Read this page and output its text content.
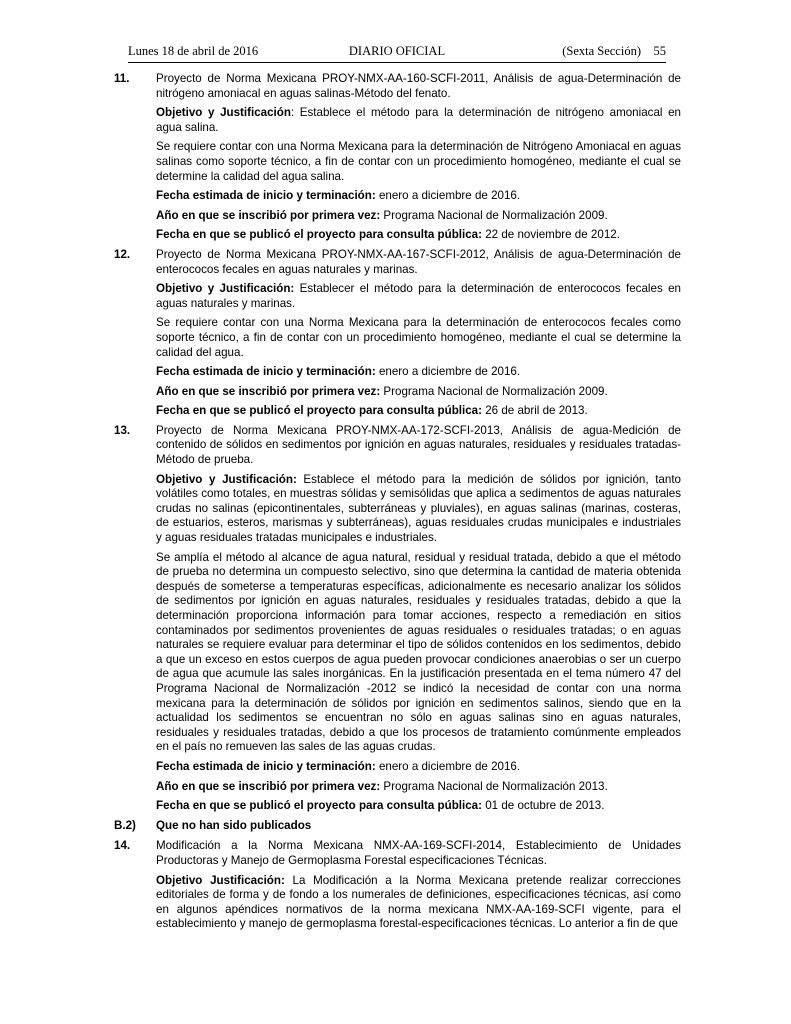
Lunes 18 de abril de 2016	DIARIO OFICIAL	(Sexta Sección) 55
11. Proyecto de Norma Mexicana PROY-NMX-AA-160-SCFI-2011, Análisis de agua-Determinación de nitrógeno amoniacal en aguas salinas-Método del fenato.

Objetivo y Justificación: Establece el método para la determinación de nitrógeno amoniacal en agua salina.

Se requiere contar con una Norma Mexicana para la determinación de Nitrógeno Amoniacal en aguas salinas como soporte técnico, a fin de contar con un procedimiento homogéneo, mediante el cual se determine la calidad del agua salina.

Fecha estimada de inicio y terminación: enero a diciembre de 2016.

Año en que se inscribió por primera vez: Programa Nacional de Normalización 2009.

Fecha en que se publicó el proyecto para consulta pública: 22 de noviembre de 2012.

12. Proyecto de Norma Mexicana PROY-NMX-AA-167-SCFI-2012, Análisis de agua-Determinación de enterococos fecales en aguas naturales y marinas.

Objetivo y Justificación: Establecer el método para la determinación de enterococos fecales en aguas naturales y marinas.

Se requiere contar con una Norma Mexicana para la determinación de enterococos fecales como soporte técnico, a fin de contar con un procedimiento homogéneo, mediante el cual se determine la calidad del agua.

Fecha estimada de inicio y terminación: enero a diciembre de 2016.

Año en que se inscribió por primera vez: Programa Nacional de Normalización 2009.

Fecha en que se publicó el proyecto para consulta pública: 26 de abril de 2013.

13. Proyecto de Norma Mexicana PROY-NMX-AA-172-SCFI-2013, Análisis de agua-Medición de contenido de sólidos en sedimentos por ignición en aguas naturales, residuales y residuales tratadas-Método de prueba.

Objetivo y Justificación: Establece el método para la medición de sólidos por ignición, tanto volátiles como totales, en muestras sólidas y semisólidas que aplica a sedimentos de aguas naturales crudas no salinas (epicontinentales, subterráneas y pluviales), en aguas salinas (marinas, costeras, de estuarios, esteros, marismas y subterráneas), aguas residuales crudas municipales e industriales y aguas residuales tratadas municipales e industriales.

Se amplía el método al alcance de agua natural, residual y residual tratada, debido a que el método de prueba no determina un compuesto selectivo, sino que determina la cantidad de materia obtenida después de someterse a temperaturas específicas, adicionalmente es necesario analizar los sólidos de sedimentos por ignición en aguas naturales, residuales y residuales tratadas, debido a que la determinación proporciona información para tomar acciones, respecto a remediación en sitios contaminados por sedimentos provenientes de aguas residuales o residuales tratadas; o en aguas naturales se requiere evaluar para determinar el tipo de sólidos contenidos en los sedimentos, debido a que un exceso en estos cuerpos de agua pueden provocar condiciones anaerobias o ser un cuerpo de agua que acumule las sales inorgánicas. En la justificación presentada en el tema número 47 del Programa Nacional de Normalización -2012 se indicó la necesidad de contar con una norma mexicana para la determinación de sólidos por ignición en sedimentos salinos, siendo que en la actualidad los sedimentos se encuentran no sólo en aguas salinas sino en aguas naturales, residuales y residuales tratadas, debido a que los procesos de tratamiento comúnmente empleados en el país no remueven las sales de las aguas crudas.

Fecha estimada de inicio y terminación: enero a diciembre de 2016.

Año en que se inscribió por primera vez: Programa Nacional de Normalización 2013.

Fecha en que se publicó el proyecto para consulta pública: 01 de octubre de 2013.

B.2) Que no han sido publicados
14. Modificación a la Norma Mexicana NMX-AA-169-SCFI-2014, Establecimiento de Unidades Productoras y Manejo de Germoplasma Forestal especificaciones Técnicas.

Objetivo Justificación: La Modificación a la Norma Mexicana pretende realizar correcciones editoriales de forma y de fondo a los numerales de definiciones, especificaciones técnicas, así como en algunos apéndices normativos de la norma mexicana NMX-AA-169-SCFI vigente, para el establecimiento y manejo de germoplasma forestal-especificaciones técnicas. Lo anterior a fin de que
